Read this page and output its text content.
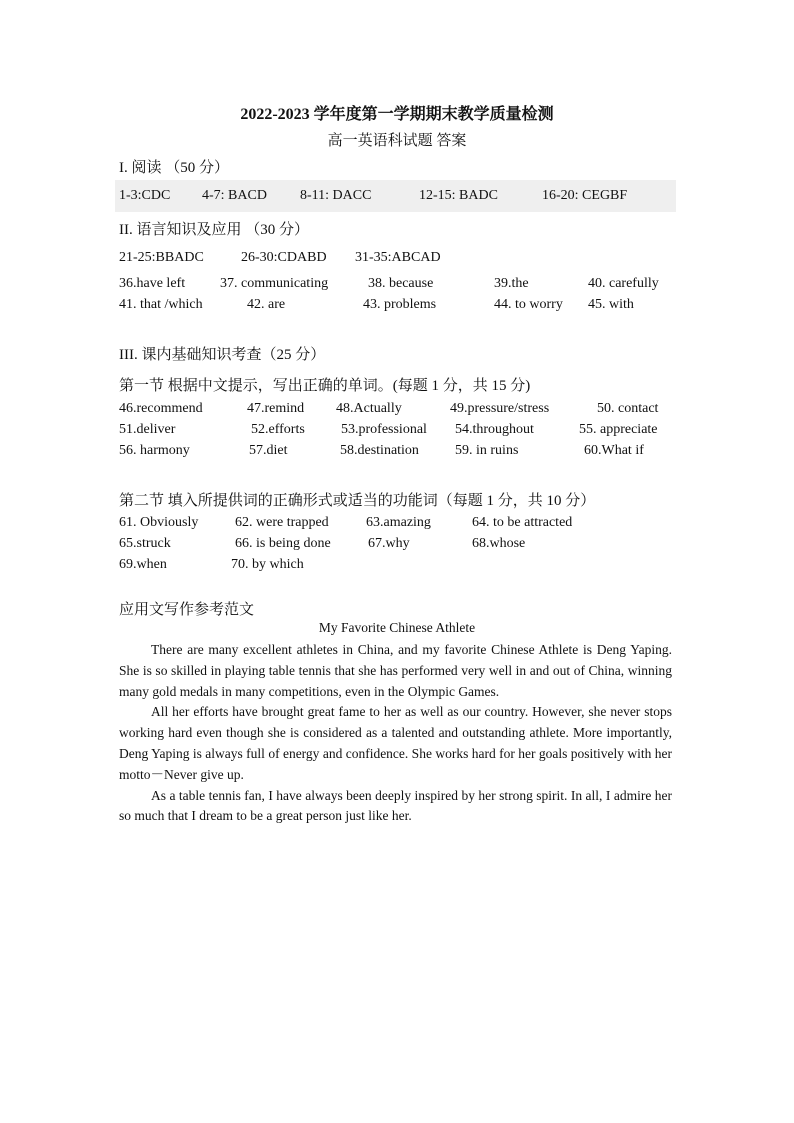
2022-2023 学年度第一学期期末教学质量检测
高一英语科试题 答案
I. 阅读 （50 分）
1-3:CDC 4-7: BACD 8-11: DACC	12-15: BADC	16-20: CEGBF
II. 语言知识及应用 （30 分）
21-25:BBADC	26-30:CDABD 31-35:ABCAD
36.have left 37. communicating	38. because	39.the	40. carefully
41. that /which	42. are	43. problems	44. to worry 45. with
III. 课内基础知识考查（25 分）
第一节 根据中文提示，写出正确的单词。(每题 1 分，共 15 分)
46.recommend	47.remind 48.Actually	49.pressure/stress	50. contact
51.deliver	52.efforts	53.professional 54.throughout	55. appreciate
56. harmony	57.diet	58.destination	59. in ruins	60.What if
第二节 填入所提供词的正确形式或适当的功能词（每题 1 分，共 10 分）
61. Obviously	62. were trapped	63.amazing	64. to be attracted
65.struck	66. is being done	67.why	68.whose
69.when	70. by which
应用文写作参考范文
My Favorite Chinese Athlete

There are many excellent athletes in China, and my favorite Chinese Athlete is Deng Yaping. She is so skilled in playing table tennis that she has performed very well in and out of China, winning many gold medals in many competitions, even in the Olympic Games.

All her efforts have brought great fame to her as well as our country. However, she never stops working hard even though she is considered as a talented and outstanding athlete. More importantly, Deng Yaping is always full of energy and confidence. She works hard for her goals positively with her motto－Never give up.

As a table tennis fan, I have always been deeply inspired by her strong spirit. In all, I admire her so much that I dream to be a great person just like her.
